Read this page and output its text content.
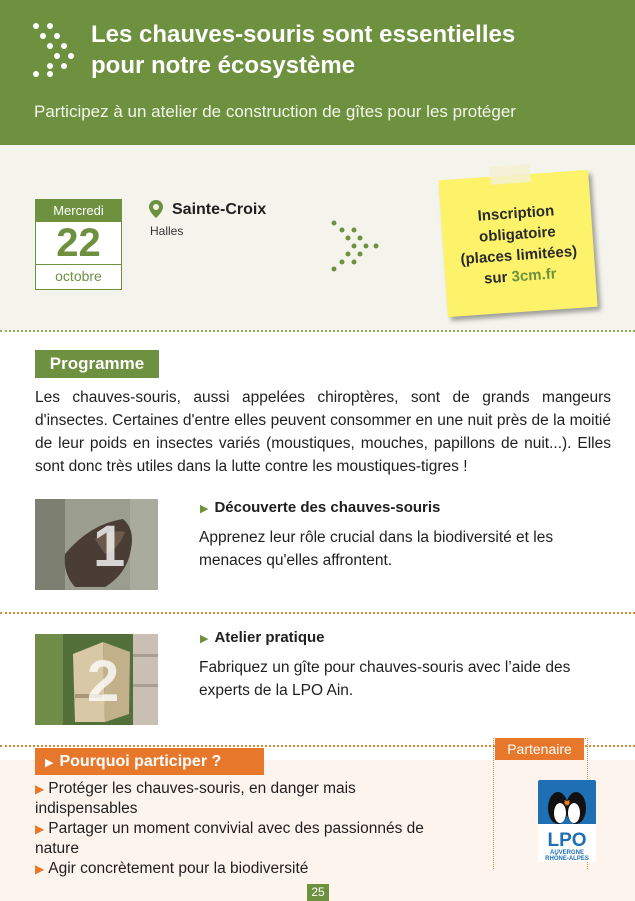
Les chauves-souris sont essentielles
pour notre écosystème
Participez à un atelier de construction de gîtes pour les protéger
Mercredi
22
octobre
Sainte-Croix
Halles
Inscription
obligatoire
(places limitées)
sur 3cm.fr
Programme
Les chauves-souris, aussi appelées chiroptères, sont de grands mangeurs d'insectes. Certaines d'entre elles peuvent consommer en une nuit près de la moitié de leur poids en insectes variés (moustiques, mouches, papillons de nuit...). Elles sont donc très utiles dans la lutte contre les moustiques-tigres !
1
▶ Découverte des chauves-souris
Apprenez leur rôle crucial dans la biodiversité et les menaces qu'elles affrontent.
2
▶ Atelier pratique
Fabriquez un gîte pour chauves-souris avec l’aide des experts de la LPO Ain.
▶ Pourquoi participer ?

▶ Protéger les chauves-souris, en danger mais indispensables

▶ Partager un moment convivial avec des passionnés de nature

▶ Agir concrètement pour la biodiversité

Partenaire
LPO
AUVERGNE
RHÔNE-ALPES
25
